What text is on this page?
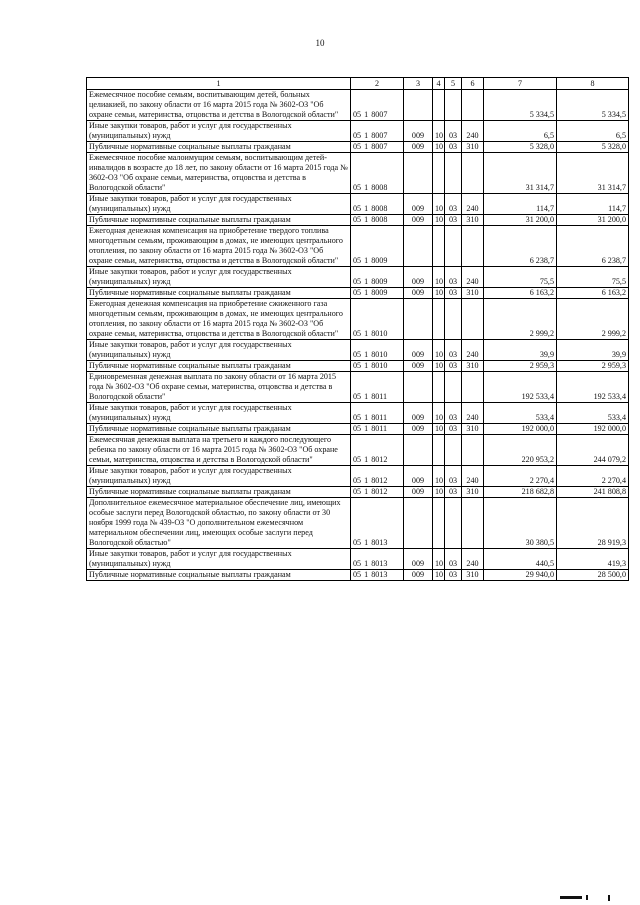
10
1	2	3	4	5	6	7	8
Ежемесячное пособие семьям, воспитывающим детей, больных целиакией, по закону области от 16 марта 2015 года № 3602-ОЗ "Об охране семьи, материнства, отцовства и детства в Вологодской области"	05 1 8007					5 334,5	5 334,5
Иные закупки товаров, работ и услуг для государственных (муниципальных) нужд	05 1 8007	009	10	03	240	6,5	6,5
Публичные нормативные социальные выплаты гражданам	05 1 8007	009	10	03	310	5 328,0	5 328,0
Ежемесячное пособие малоимущим семьям, воспитывающим детей-инвалидов в возрасте до 18 лет, по закону области от 16 марта 2015 года № 3602-ОЗ "Об охране семьи, материнства, отцовства и детства в Вологодской области"	05 1 8008					31 314,7	31 314,7
Иные закупки товаров, работ и услуг для государственных (муниципальных) нужд	05 1 8008	009	10	03	240	114,7	114,7
Публичные нормативные социальные выплаты гражданам	05 1 8008	009	10	03	310	31 200,0	31 200,0
Ежегодная денежная компенсация на приобретение твердого топлива многодетным семьям, проживающим в домах, не имеющих центрального отопления, по закону области от 16 марта 2015 года № 3602-ОЗ "Об охране семьи, материнства, отцовства и детства в Вологодской области"	05 1 8009					6 238,7	6 238,7
Иные закупки товаров, работ и услуг для государственных (муниципальных) нужд	05 1 8009	009	10	03	240	75,5	75,5
Публичные нормативные социальные выплаты гражданам	05 1 8009	009	10	03	310	6 163,2	6 163,2
Ежегодная денежная компенсация на приобретение сжиженного газа многодетным семьям, проживающим в домах, не имеющих центрального отопления, по закону области от 16 марта 2015 года № 3602-ОЗ "Об охране семьи, материнства, отцовства и детства в Вологодской области"	05 1 8010					2 999,2	2 999,2
Иные закупки товаров, работ и услуг для государственных (муниципальных) нужд	05 1 8010	009	10	03	240	39,9	39,9
Публичные нормативные социальные выплаты гражданам	05 1 8010	009	10	03	310	2 959,3	2 959,3
Единовременная денежная выплата по закону области от 16 марта 2015 года № 3602-ОЗ "Об охране семьи, материнства, отцовства и детства в Вологодской области"	05 1 8011					192 533,4	192 533,4
Иные закупки товаров, работ и услуг для государственных (муниципальных) нужд	05 1 8011	009	10	03	240	533,4	533,4
Публичные нормативные социальные выплаты гражданам	05 1 8011	009	10	03	310	192 000,0	192 000,0
Ежемесячная денежная выплата на третьего и каждого последующего ребенка по закону области от 16 марта 2015 года № 3602-ОЗ "Об охране семьи, материнства, отцовства и детства в Вологодской области"	05 1 8012					220 953,2	244 079,2
Иные закупки товаров, работ и услуг для государственных (муниципальных) нужд	05 1 8012	009	10	03	240	2 270,4	2 270,4
Публичные нормативные социальные выплаты гражданам	05 1 8012	009	10	03	310	218 682,8	241 808,8
Дополнительное ежемесячное материальное обеспечение лиц, имеющих особые заслуги перед Вологодской областью, по закону области от 30 ноября 1999 года № 439-ОЗ "О дополнительном ежемесячном материальном обеспечении лиц, имеющих особые заслуги перед Вологодской областью"	05 1 8013					30 380,5	28 919,3
Иные закупки товаров, работ и услуг для государственных (муниципальных) нужд	05 1 8013	009	10	03	240	440,5	419,3
Публичные нормативные социальные выплаты гражданам	05 1 8013	009	10	03	310	29 940,0	28 500,0
